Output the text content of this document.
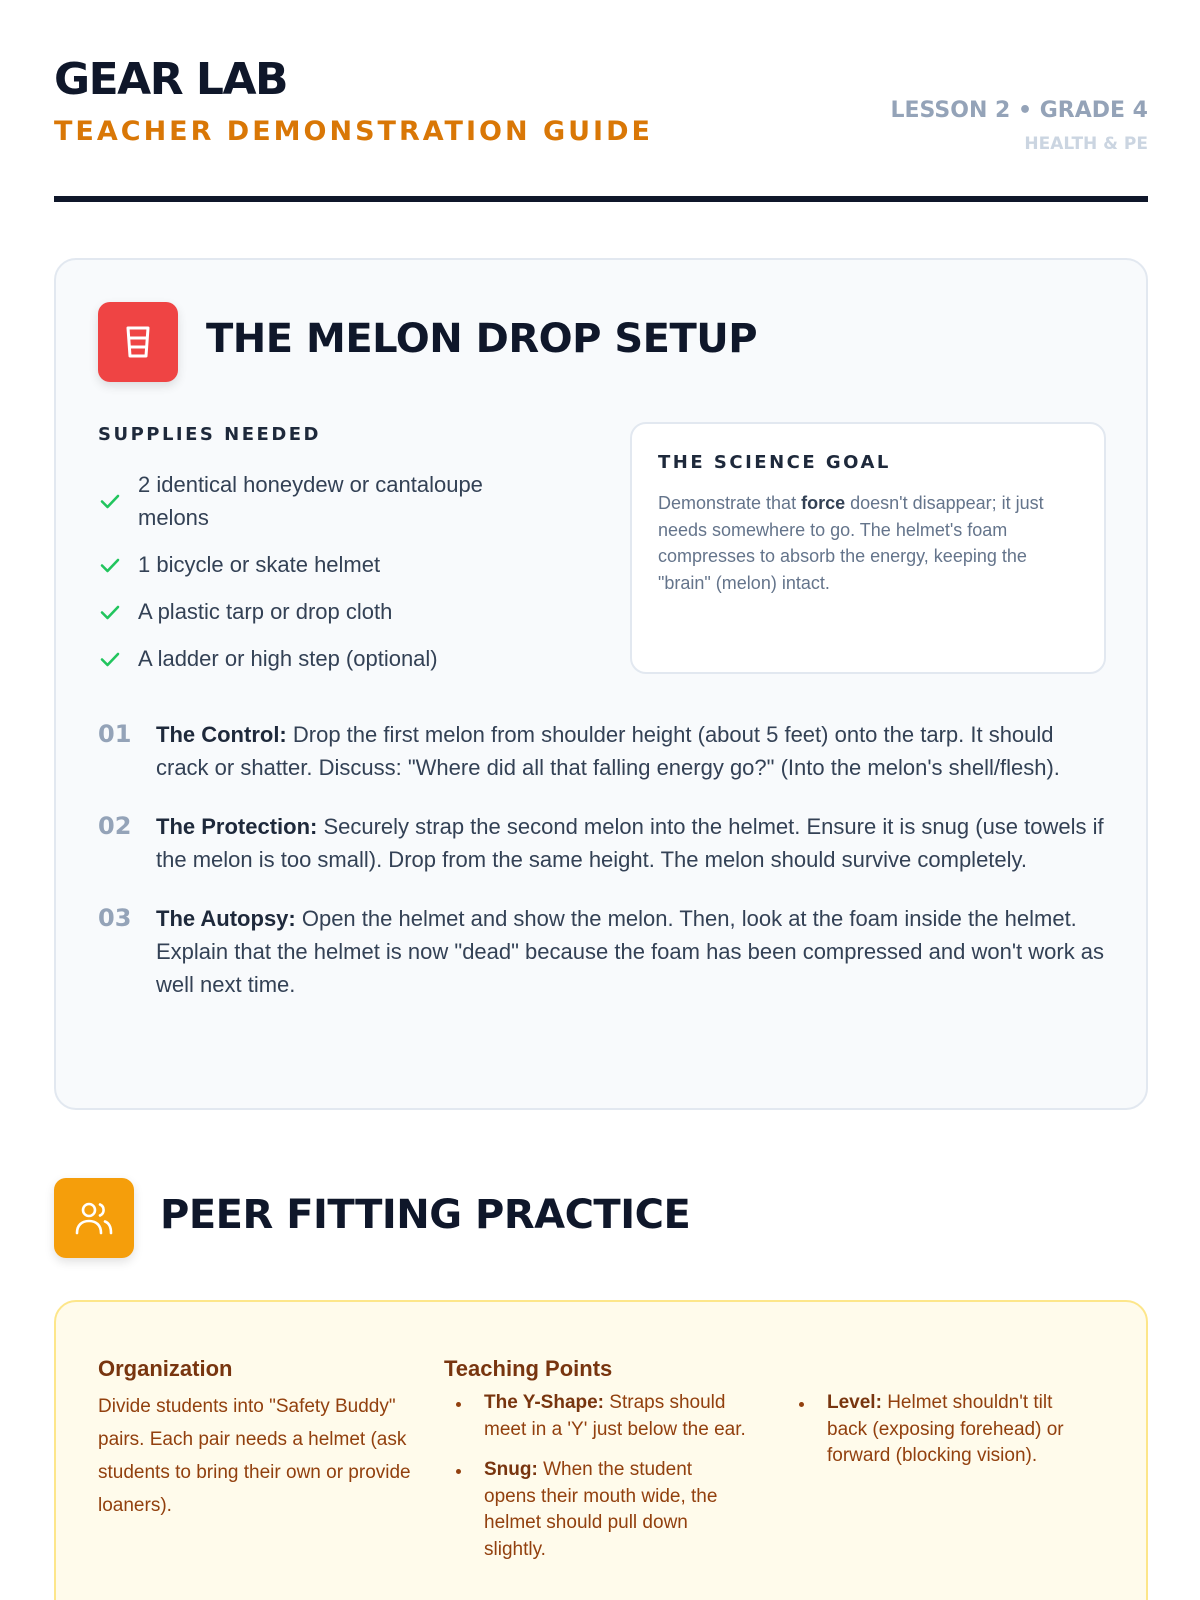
GEAR LAB
TEACHER DEMONSTRATION GUIDE
LESSON 2 • GRADE 4
HEALTH & PE
THE MELON DROP SETUP
SUPPLIES NEEDED
2 identical honeydew or cantaloupe melons
1 bicycle or skate helmet
A plastic tarp or drop cloth
A ladder or high step (optional)
THE SCIENCE GOAL

Demonstrate that force doesn't disappear; it just needs somewhere to go. The helmet's foam compresses to absorb the energy, keeping the "brain" (melon) intact.

01 The Control: Drop the first melon from shoulder height (about 5 feet) onto the tarp. It should crack or shatter. Discuss: "Where did all that falling energy go?" (Into the melon's shell/flesh).

02 The Protection: Securely strap the second melon into the helmet. Ensure it is snug (use towels if the melon is too small). Drop from the same height. The melon should survive completely.

03 The Autopsy: Open the helmet and show the melon. Then, look at the foam inside the helmet. Explain that the helmet is now "dead" because the foam has been compressed and won't work as well next time.

PEER FITTING PRACTICE
Organization

Divide students into "Safety Buddy" pairs. Each pair needs a helmet (ask students to bring their own or provide loaners).

Teaching Points
The Y-Shape: Straps should meet in a 'Y' just below the ear.
Snug: When the student opens their mouth wide, the helmet should pull down slightly.
Level: Helmet shouldn't tilt back (exposing forehead) or forward (blocking vision).
